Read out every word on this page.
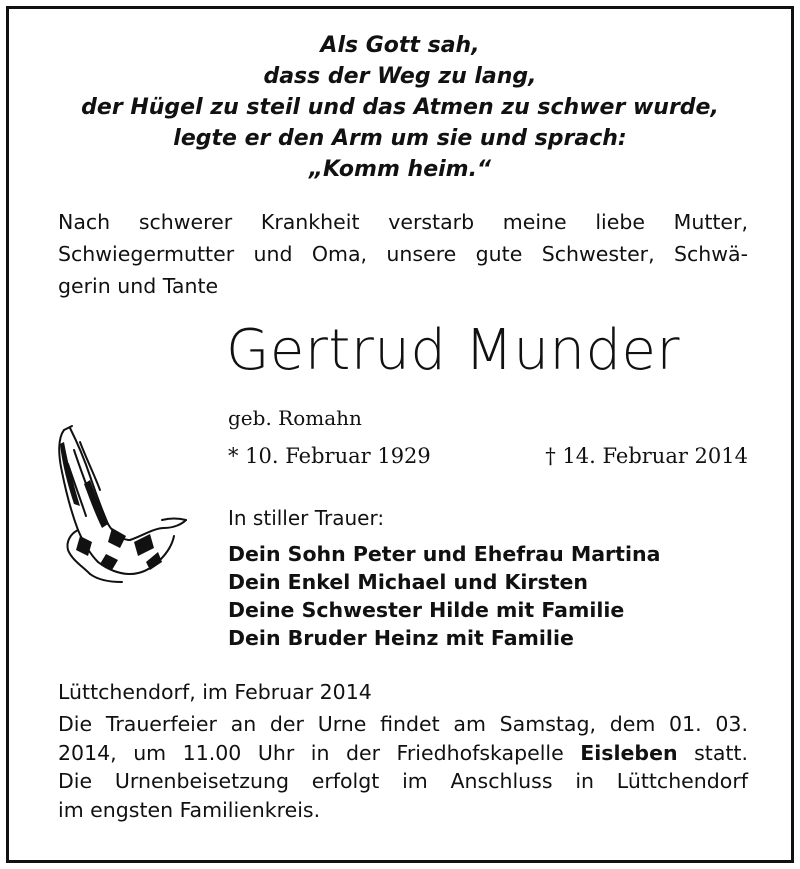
Als Gott sah,
dass der Weg zu lang,
der Hügel zu steil und das Atmen zu schwer wurde,
legte er den Arm um sie und sprach:
„Komm heim.“
Nach schwerer Krankheit verstarb meine liebe Mutter,
Schwiegermutter und Oma, unsere gute Schwester, Schwä-
gerin und Tante
Gertrud Munder
geb. Romahn
* 10. Februar 1929	† 14. Februar 2014
In stiller Trauer:
Dein Sohn Peter und Ehefrau Martina
Dein Enkel Michael und Kirsten
Deine Schwester Hilde mit Familie
Dein Bruder Heinz mit Familie
Lüttchendorf, im Februar 2014
Die Trauerfeier an der Urne findet am Samstag, dem 01. 03.
2014, um 11.00 Uhr in der Friedhofskapelle Eisleben statt.
Die Urnenbeisetzung erfolgt im Anschluss in Lüttchendorf
im engsten Familienkreis.
